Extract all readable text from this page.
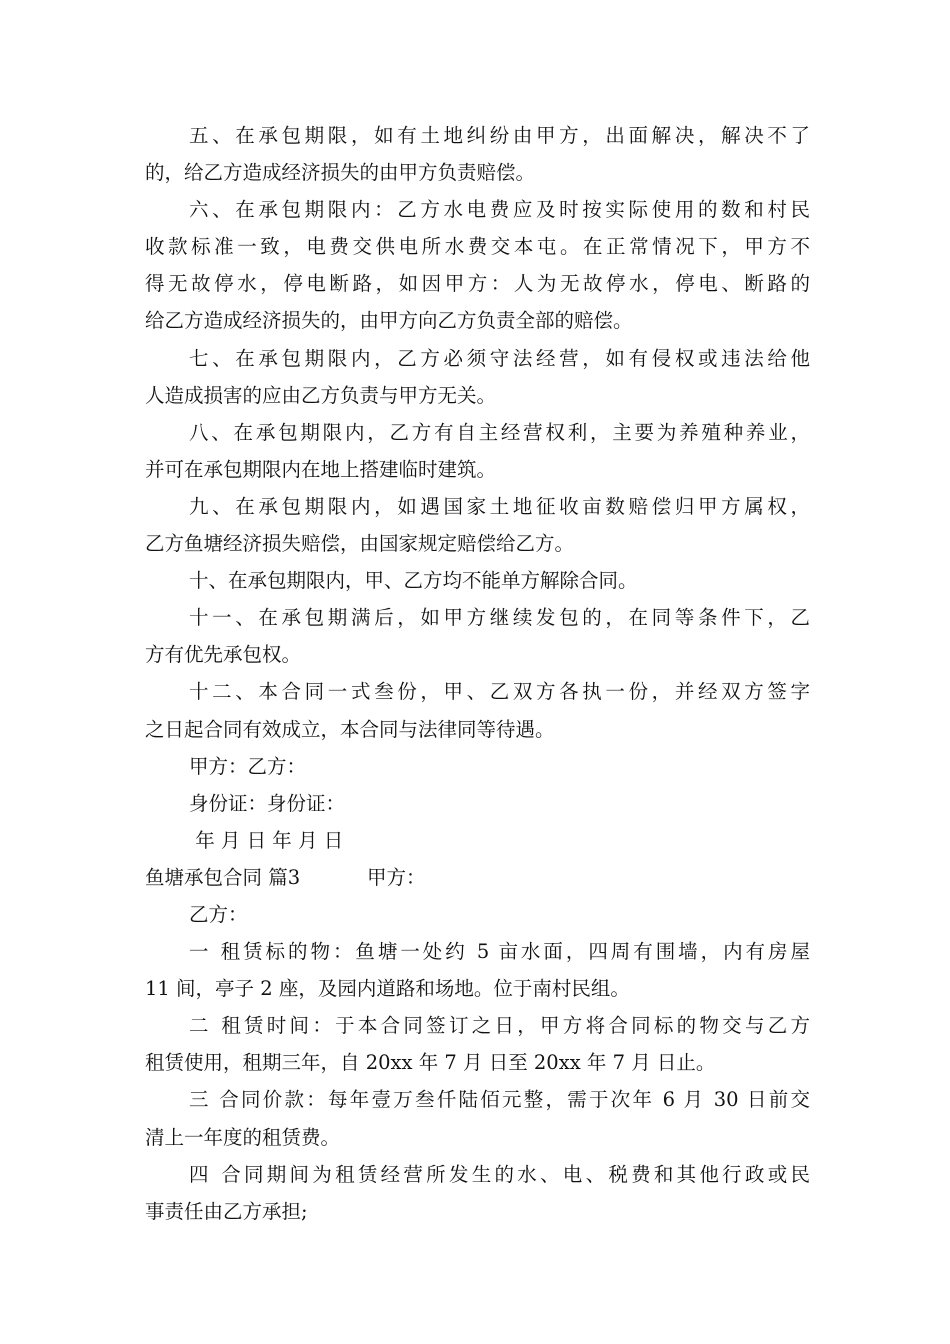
五、在承包期限，如有土地纠纷由甲方，出面解决，解决不了
的，给乙方造成经济损失的由甲方负责赔偿。
六、在承包期限内：乙方水电费应及时按实际使用的数和村民
收款标准一致，电费交供电所水费交本屯。在正常情况下，甲方不
得无故停水，停电断路，如因甲方：人为无故停水，停电、断路的
给乙方造成经济损失的，由甲方向乙方负责全部的赔偿。
七、在承包期限内，乙方必须守法经营，如有侵权或违法给他
人造成损害的应由乙方负责与甲方无关。
八、在承包期限内，乙方有自主经营权利，主要为养殖种养业，
并可在承包期限内在地上搭建临时建筑。
九、在承包期限内，如遇国家土地征收亩数赔偿归甲方属权，
乙方鱼塘经济损失赔偿，由国家规定赔偿给乙方。
十、在承包期限内，甲、乙方均不能单方解除合同。
十一、在承包期满后，如甲方继续发包的，在同等条件下，乙
方有优先承包权。
十二、本合同一式叁份，甲、乙双方各执一份，并经双方签字
之日起合同有效成立，本合同与法律同等待遇。
甲方：乙方：
身份证：身份证：
年 月 日 年 月 日
鱼塘承包合同 篇3	甲方：
乙方：
一 租赁标的物：鱼塘一处约 5 亩水面，四周有围墙，内有房屋
11 间，亭子 2 座，及园内道路和场地。位于南村民组。
二 租赁时间：于本合同签订之日，甲方将合同标的物交与乙方
租赁使用，租期三年，自 20xx 年 7 月 日至 20xx 年 7 月 日止。
三 合同价款：每年壹万叁仟陆佰元整，需于次年 6 月 30 日前交
清上一年度的租赁费。
四 合同期间为租赁经营所发生的水、电、税费和其他行政或民
事责任由乙方承担;
